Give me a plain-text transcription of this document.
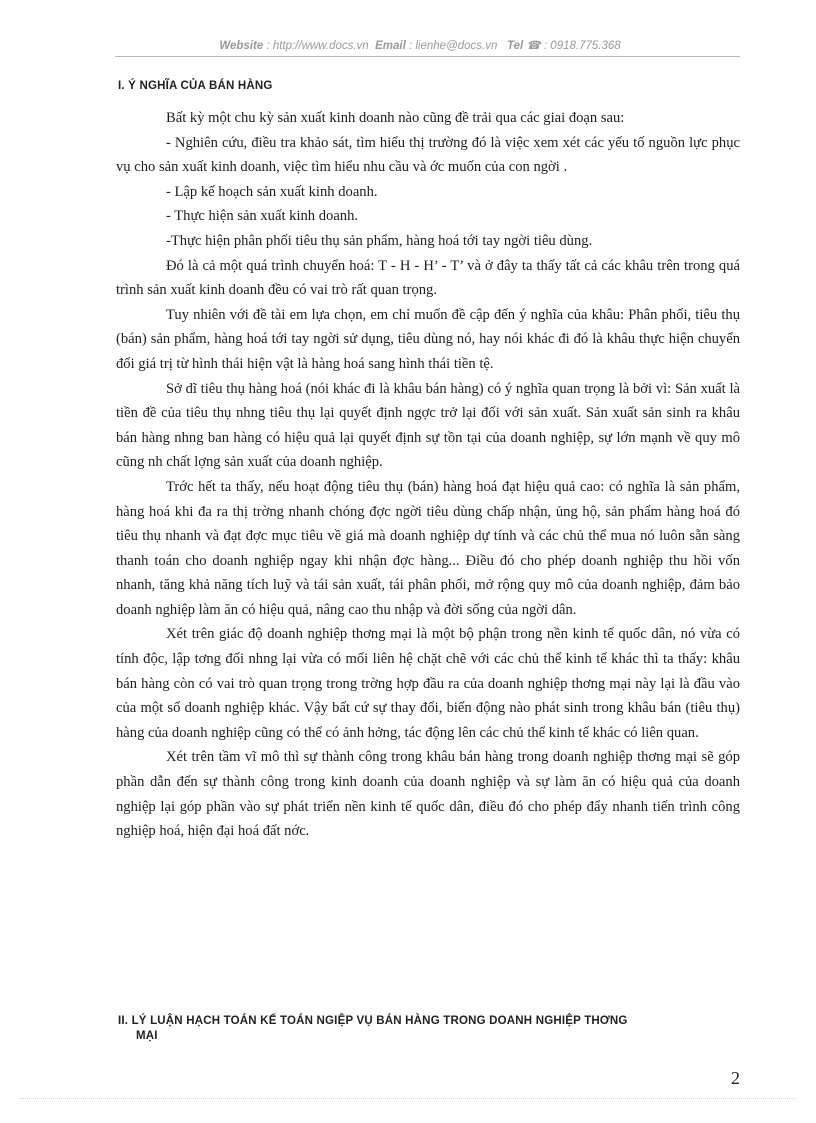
Website : http://www.docs.vn Email : lienhe@docs.vn Tel ☎ : 0918.775.368
I. Ý NGHĨA CỦA BÁN HÀNG

Bất kỳ một chu kỳ sản xuất kinh doanh nào cũng đề trải qua các giai đoạn sau:

- Nghiên cứu, điều tra khảo sát, tìm hiểu thị trường đó là việc xem xét các yếu tố nguồn lực phục vụ cho sản xuất kinh doanh, việc tìm hiểu nhu cầu và ớc muốn của con ngời .

- Lập kế hoạch sản xuất kinh doanh.

- Thực hiện sản xuất kinh doanh.

-Thực hiện phân phối tiêu thụ sản phẩm, hàng hoá tới tay ngời tiêu dùng.

Đó là cả một quá trình chuyển hoá: T - H - H’ - T’ và ở đây ta thấy tất cả các khâu trên trong quá trình sản xuất kinh doanh đều có vai trò rất quan trọng.

Tuy nhiên với đề tài em lựa chọn, em chỉ muốn đề cập đến ý nghĩa của khâu: Phân phối, tiêu thụ (bán) sản phẩm, hàng hoá tới tay ngời sử dụng, tiêu dùng nó, hay nói khác đi đó là khâu thực hiện chuyển đổi giá trị từ hình thái hiện vật là hàng hoá sang hình thái tiền tệ.

Sở dĩ tiêu thụ hàng hoá (nói khác đi là khâu bán hàng) có ý nghĩa quan trọng là bởi vì: Sản xuất là tiền đề của tiêu thụ nhng tiêu thụ lại quyết định ngợc trở lại đối với sản xuất. Sản xuất sản sinh ra khâu bán hàng nhng ban hàng có hiệu quả lại quyết định sự tồn tại của doanh nghiệp, sự lớn mạnh về quy mô cũng nh chất lợng sản xuất của doanh nghiệp.

Trớc hết ta thấy, nếu hoạt động tiêu thụ (bán) hàng hoá đạt hiệu quả cao: có nghĩa là sản phẩm, hàng hoá khi đa ra thị trờng nhanh chóng đợc ngời tiêu dùng chấp nhận, ủng hộ, sản phẩm hàng hoá đó tiêu thụ nhanh và đạt đợc mục tiêu về giá mà doanh nghiệp dự tính và các chủ thể mua nó luôn sẵn sàng thanh toán cho doanh nghiệp ngay khi nhận đợc hàng... Điều đó cho phép doanh nghiệp thu hồi vốn nhanh, tăng khả năng tích luỹ và tái sản xuất, tái phân phối, mở rộng quy mô của doanh nghiệp, đảm bảo doanh nghiệp làm ăn có hiệu quả, nâng cao thu nhập và đời sống của ngời dân.

Xét trên giác độ doanh nghiệp thơng mại là một bộ phận trong nền kinh tế quốc dân, nó vừa có tính độc, lập tơng đối nhng lại vừa có mối liên hệ chặt chẽ với các chủ thể kinh tế khác thì ta thấy: khâu bán hàng còn có vai trò quan trọng trong trờng hợp đầu ra của doanh nghiệp thơng mại này lại là đầu vào của một số doanh nghiệp khác. Vậy bất cứ sự thay đổi, biến động nào phát sinh trong khâu bán (tiêu thụ) hàng của doanh nghiệp cũng có thể có ảnh hởng, tác động lên các chủ thể kinh tế khác có liên quan.

Xét trên tầm vĩ mô thì sự thành công trong khâu bán hàng trong doanh nghiệp thơng mại sẽ góp phần dẫn đến sự thành công trong kinh doanh của doanh nghiệp và sự làm ăn có hiệu quả của doanh nghiệp lại góp phần vào sự phát triển nền kinh tế quốc dân, điều đó cho phép đẩy nhanh tiến trình công nghiệp hoá, hiện đại hoá đất nớc.

II. LÝ LUẬN HẠCH TOÁN KẾ TOÁN NGIỆP VỤ BÁN HÀNG TRONG DOANH NGHIỆP THƠNG
MẠI
2
